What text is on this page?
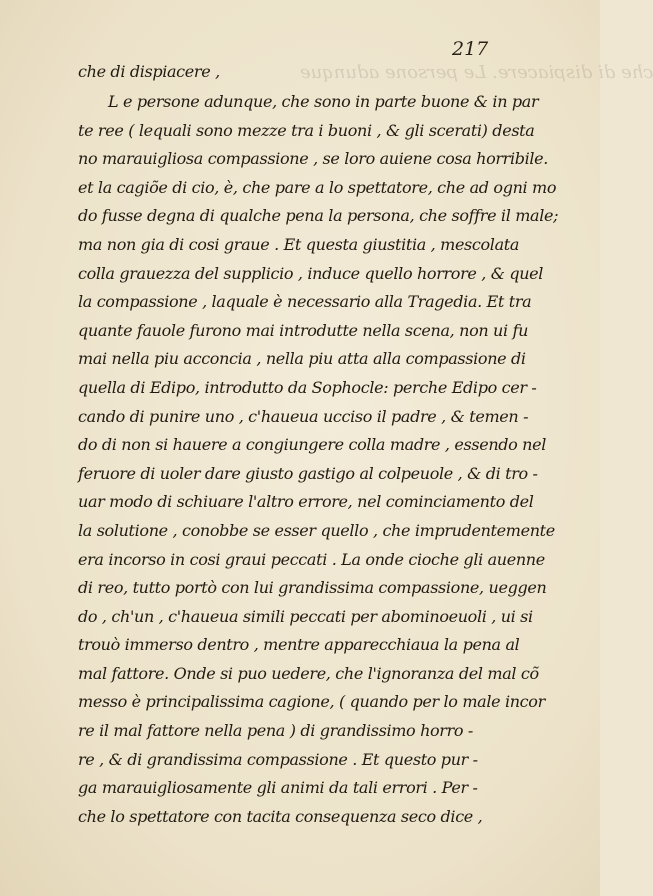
che di dispiacere. Le persone adunque
217
che di dispiacere ,
L e persone adunque, che sono in parte buone & in par
te ree ( lequali sono mezze tra i buoni , & gli scerati) desta
no marauigliosa compassione , se loro auiene cosa horribile.
et la cagiõe di cio, è, che pare a lo spettatore, che ad ogni mo
do fusse degna di qualche pena la persona, che soffre il male;
ma non gia di cosi graue . Et questa giustitia , mescolata
colla grauezza del supplicio , induce quello horrore , & quel
la compassione , laquale è necessario alla Tragedia. Et tra
quante fauole furono mai introdutte nella scena, non ui fu
mai nella piu acconcia , nella piu atta alla compassione di
quella di Edipo, introdutto da Sophocle: perche Edipo cer -
cando di punire uno , c'haueua ucciso il padre , & temen -
do di non si hauere a congiungere colla madre , essendo nel
feruore di uoler dare giusto gastigo al colpeuole , & di tro -
uar modo di schiuare l'altro errore, nel cominciamento del
la solutione , conobbe se esser quello , che imprudentemente
era incorso in cosi graui peccati . La onde cioche gli auenne
di reo, tutto portò con lui grandissima compassione, ueggen
do , ch'un , c'haueua simili peccati per abominoeuoli , ui si
trouò immerso dentro , mentre apparecchiaua la pena al
mal fattore. Onde si puo uedere, che l'ignoranza del mal cõ
messo è principalissima cagione, ( quando per lo male incor
re il mal fattore nella pena ) di grandissimo horro -
re , & di grandissima compassione . Et questo pur -
ga marauigliosamente gli animi da tali errori . Per -
che lo spettatore con tacita consequenza seco dice ,
